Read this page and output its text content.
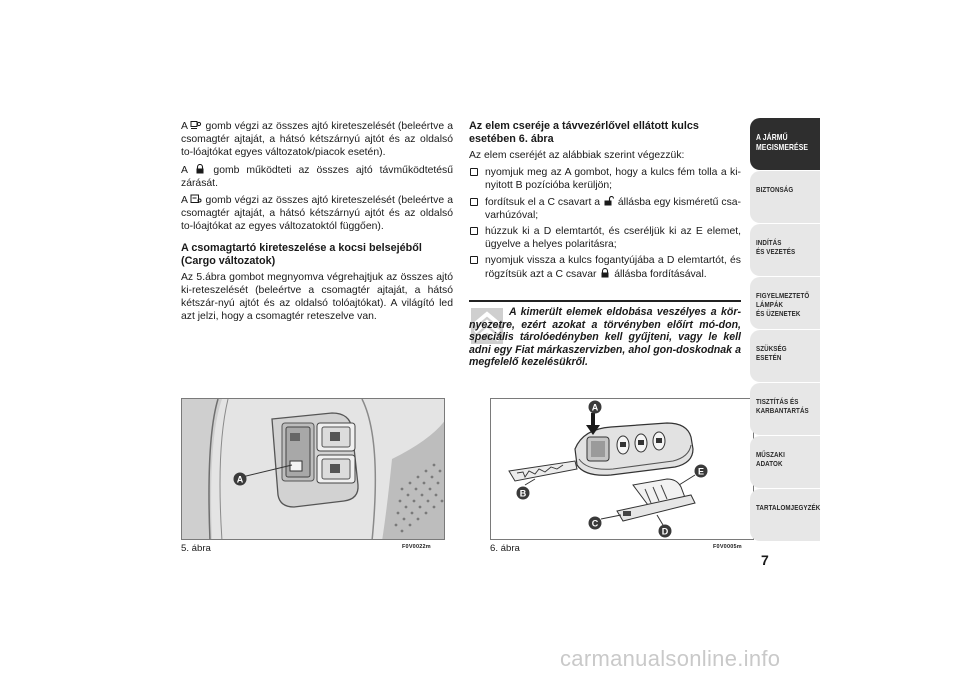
A gomb végzi az összes ajtó kireteszelését (beleértve a csomagtér ajtaját, a hátsó kétszárnyú ajtót és az oldalsó to-lóajtókat egyes változatok/piacok esetén).

A	gomb működteti az összes ajtó távműködtetésű zárását.

A gomb végzi az összes ajtó kireteszelését (beleértve a csomagtér ajtaját, a hátsó kétszárnyú ajtót és az oldalsó to-lóajtókat az egyes változatoktól függően).

A csomagtartó kireteszelése a kocsi belsejéből (Cargo változatok)

Az 5.ábra gombot megnyomva végrehajtjuk az összes ajtó ki-reteszelését (beleértve a csomagtér ajtaját, a hátsó kétszár-nyú ajtót és az oldalsó tolóajtókat). A világító led azt jelzi, hogy a csomagtér reteszelve van.

Az elem cseréje a távvezérlővel ellátott kulcs esetében 6. ábra

Az elem cseréjét az alábbiak szerint végezzük:

nyomjuk meg az A gombot, hogy a kulcs fém tolla a ki-nyitott B pozícióba kerüljön;
fordítsuk el a C csavart a állásba egy kisméretű csa-varhúzóval;
húzzuk ki a D elemtartót, és cseréljük ki az E elemet, ügyelve a helyes polaritásra;
nyomjuk vissza a kulcs fogantyújába a D elemtartót, és rögzítsük azt a C csavar állásba fordításával.
A kimerült elemek eldobása veszélyes a kör-nyezetre, ezért azokat a törvényben előírt mó-don, speciális tárolóedényben kell gyűjteni, vagy le kell adni egy Fiat márkaszervizben, ahol gon-doskodnak a megfelelő kezelésükről.
A
5. ábra	F0V0022m
A
B
C
D
E
6. ábra	F0V0005m
A JÁRMŰ
MEGISMERÉSE
BIZTONSÁG
INDÍTÁS
ÉS VEZETÉS
FIGYELMEZTETŐ
LÁMPÁK
ÉS ÜZENETEK
SZÜKSÉG
ESETÉN
TISZTÍTÁS ÉS
KARBANTARTÁS
MŰSZAKI
ADATOK
TARTALOMJEGYZÉK
7
carmanualsonline.info
